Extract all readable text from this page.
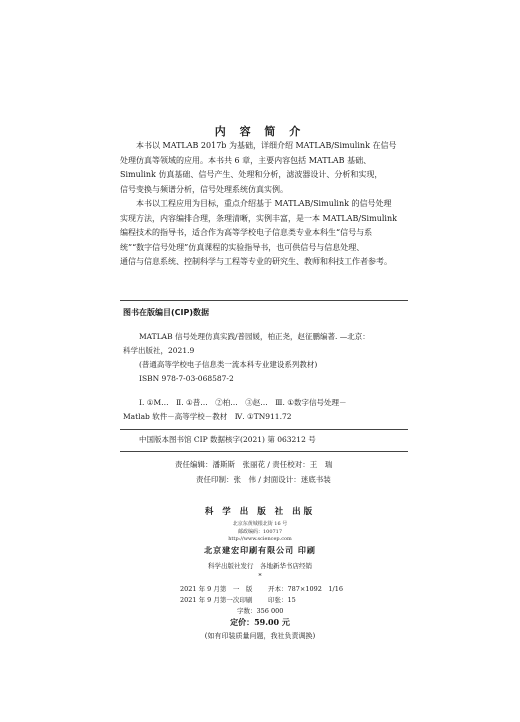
内 容 简 介
本书以 MATLAB 2017b 为基础，详细介绍 MATLAB/Simulink 在信号
处理仿真等领域的应用。本书共 6 章，主要内容包括 MATLAB 基础、
Simulink 仿真基础、信号产生、处理和分析，滤波器设计、分析和实现，
信号变换与频谱分析，信号处理系统仿真实例。
本书以工程应用为目标，重点介绍基于 MATLAB/Simulink 的信号处理
实现方法，内容编排合理，条理清晰，实例丰富，是一本 MATLAB/Simulink
编程技术的指导书，适合作为高等学校电子信息类专业本科生“信号与系
统”“数字信号处理”仿真课程的实验指导书，也可供信号与信息处理、
通信与信息系统、控制科学与工程等专业的研究生、教师和科技工作者参考。
图书在版编目(CIP)数据
MATLAB 信号处理仿真实践/普园媛，柏正尧，赵征鹏编著. —北京：
科学出版社，2021.9
(普通高等学校电子信息类一流本科专业建设系列教材)
ISBN 978-7-03-068587-2
Ⅰ. ①M…　Ⅱ. ①普…　②柏…　③赵…　Ⅲ. ①数字信号处理－
Matlab 软件－高等学校－教材　Ⅳ. ①TN911.72
中国版本图书馆 CIP 数据核字(2021) 第 063212 号
责任编辑：潘斯斯　张丽花 / 责任校对：王　瑞
责任印制：张　伟 / 封面设计：迷底书装
科 学 出 版 社 出版
北京东黄城根北街 16 号
邮政编码：100717
http://www.sciencep.com
北京建宏印刷有限公司 印刷
科学出版社发行　各地新华书店经销
*
2021 年 9 月第　一　版 开本：787×1092　1/16
2021 年 9 月第一次印刷 印张：15
字数：356 000
定价：59.00 元
(如有印装质量问题，我社负责调换)
